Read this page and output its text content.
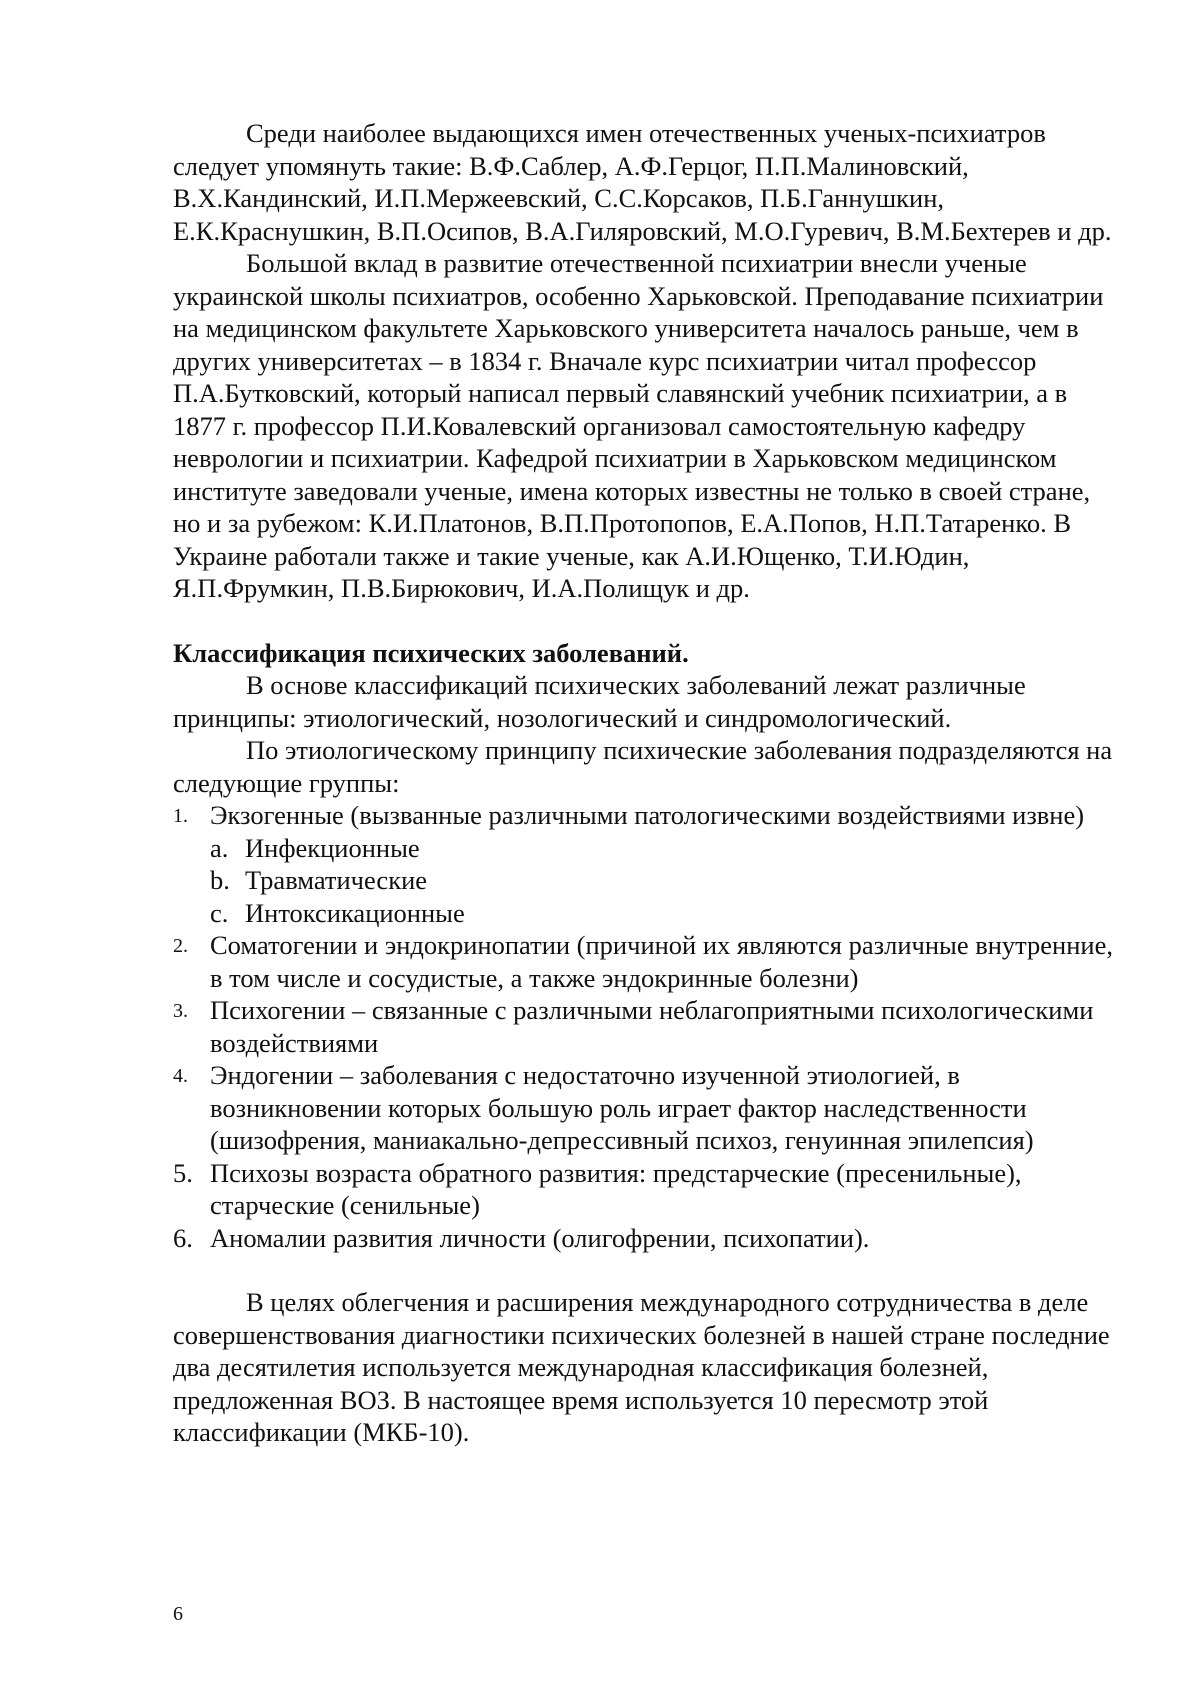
Среди наиболее выдающихся имен отечественных ученых-психиатров следует упомянуть такие: В.Ф.Саблер, А.Ф.Герцог, П.П.Малиновский, В.Х.Кандинский, И.П.Мержеевский, С.С.Корсаков, П.Б.Ганнушкин, Е.К.Краснушкин, В.П.Осипов, В.А.Гиляровский, М.О.Гуревич, В.М.Бехтерев и др.

Большой вклад в развитие отечественной психиатрии внесли ученые украинской школы психиатров, особенно Харьковской. Преподавание психиатрии на медицинском факультете Харьковского университета началось раньше, чем в других университетах – в 1834 г. Вначале курс психиатрии читал профессор П.А.Бутковский, который написал первый славянский учебник психиатрии, а в 1877 г. профессор П.И.Ковалевский организовал самостоятельную кафедру неврологии и психиатрии. Кафедрой психиатрии в Харьковском медицинском институте заведовали ученые, имена которых известны не только в своей стране, но и за рубежом: К.И.Платонов, В.П.Протопопов, Е.А.Попов, Н.П.Татаренко. В Украине работали также и такие ученые, как А.И.Ющенко, Т.И.Юдин, Я.П.Фрумкин, П.В.Бирюкович, И.А.Полищук и др.

Классификация психических заболеваний.

В основе классификаций психических заболеваний лежат различные принципы: этиологический, нозологический и синдромологический.

По этиологическому принципу психические заболевания подразделяются на следующие группы:

1. Экзогенные (вызванные различными патологическими воздействиями извне)
a. Инфекционные
b. Травматические
c. Интоксикационные
2. Соматогении и эндокринопатии (причиной их являются различные внутренние, в том числе и сосудистые, а также эндокринные болезни)
3. Психогении – связанные с различными неблагоприятными психологическими воздействиями
4. Эндогении – заболевания с недостаточно изученной этиологией, в возникновении которых большую роль играет фактор наследственности (шизофрения, маниакально-депрессивный психоз, генуинная эпилепсия)
5. Психозы возраста обратного развития: предстарческие (пресенильные), старческие (сенильные)
6. Аномалии развития личности (олигофрении, психопатии).

В целях облегчения и расширения международного сотрудничества в деле совершенствования диагностики психических болезней в нашей стране последние два десятилетия используется международная классификация болезней, предложенная ВОЗ. В настоящее время используется 10 пересмотр этой классификации (МКБ-10).

6
